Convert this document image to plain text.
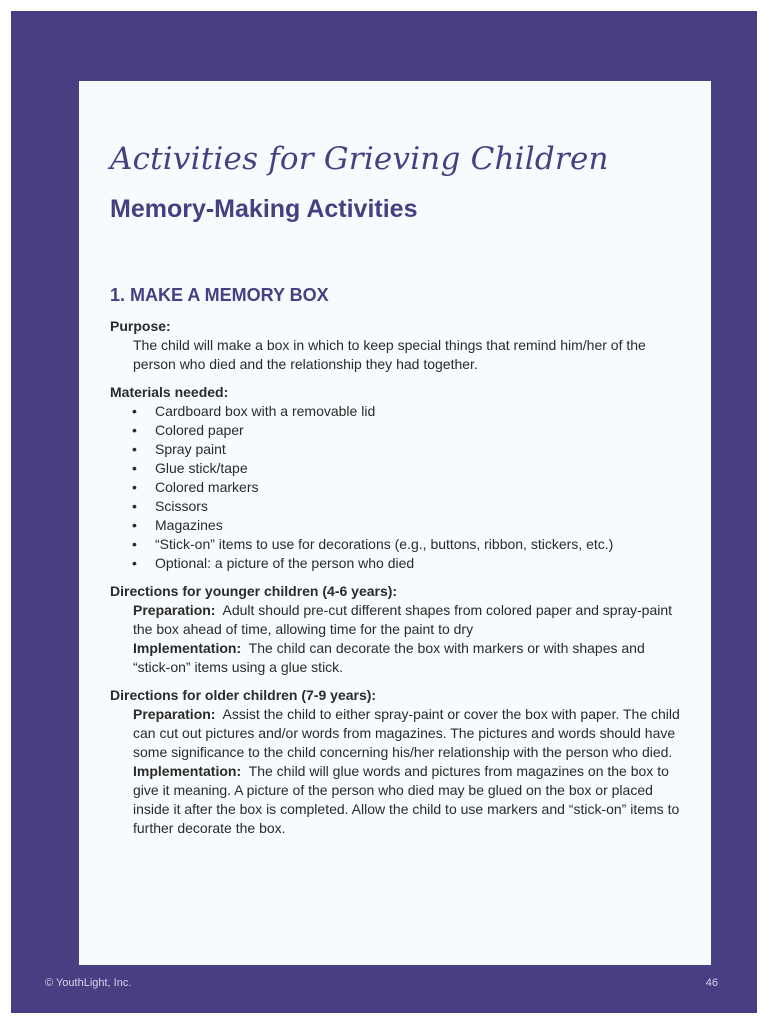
Activities for Grieving Children
Memory-Making Activities
1. MAKE A MEMORY BOX
Purpose:
The child will make a box in which to keep special things that remind him/her of the person who died and the relationship they had together.
Materials needed:
• Cardboard box with a removable lid
• Colored paper
• Spray paint
• Glue stick/tape
• Colored markers
• Scissors
• Magazines
• “Stick-on” items to use for decorations (e.g., buttons, ribbon, stickers, etc.)
• Optional: a picture of the person who died
Directions for younger children (4-6 years):
Preparation: Adult should pre-cut different shapes from colored paper and spray-paint the box ahead of time, allowing time for the paint to dry
Implementation: The child can decorate the box with markers or with shapes and “stick-on” items using a glue stick.
Directions for older children (7-9 years):
Preparation: Assist the child to either spray-paint or cover the box with paper. The child can cut out pictures and/or words from magazines. The pictures and words should have some significance to the child concerning his/her relationship with the person who died.
Implementation: The child will glue words and pictures from magazines on the box to give it meaning. A picture of the person who died may be glued on the box or placed inside it after the box is completed. Allow the child to use markers and “stick-on” items to further decorate the box.
© YouthLight, Inc.	46
